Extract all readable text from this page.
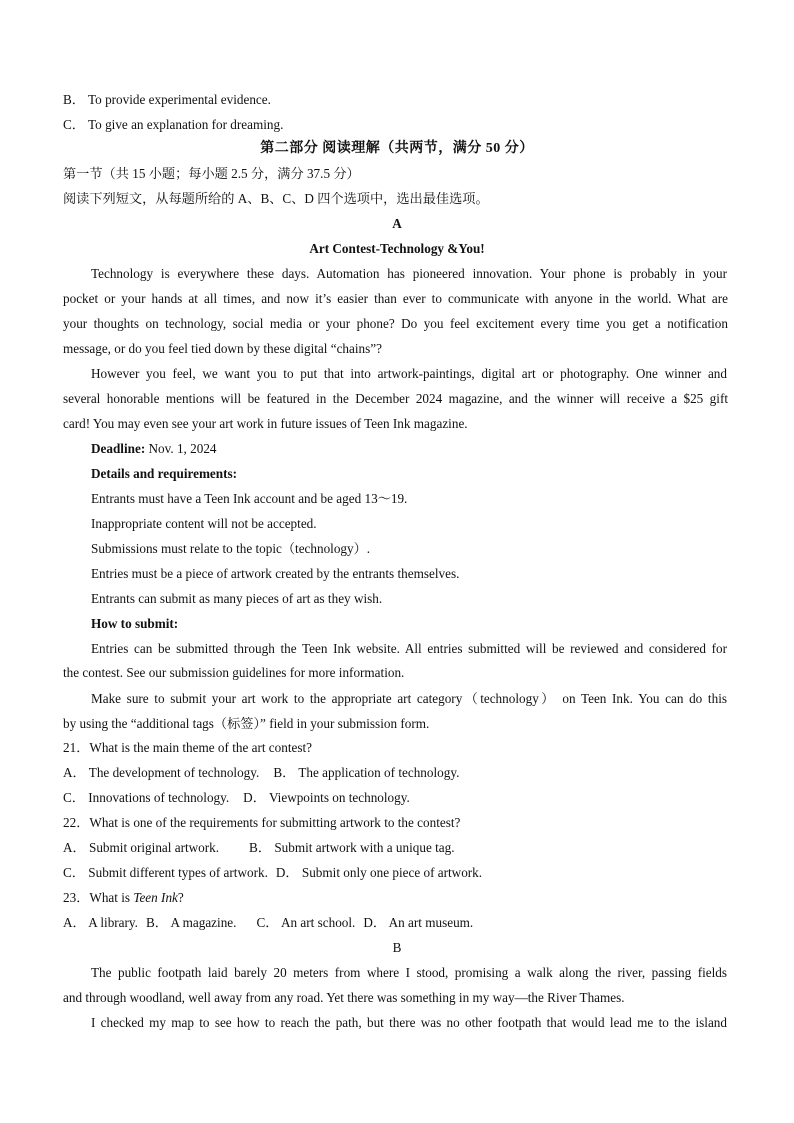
B． To provide experimental evidence.
C． To give an explanation for dreaming.
第二部分 阅读理解（共两节，满分 50 分）
第一节（共 15 小题；每小题 2.5 分，满分 37.5 分）
阅读下列短文，从每题所给的 A、B、C、D 四个选项中，选出最佳选项。
A
Art Contest-Technology &You!
Technology is everywhere these days. Automation has pioneered innovation. Your phone is probably in your
pocket or your hands at all times, and now it’s easier than ever to communicate with anyone in the world. What are
your thoughts on technology, social media or your phone? Do you feel excitement every time you get a notification
message, or do you feel tied down by these digital “chains”?
However you feel, we want you to put that into artwork-paintings, digital art or photography. One winner and
several honorable mentions will be featured in the December 2024 magazine, and the winner will receive a $25 gift
card! You may even see your art work in future issues of Teen Ink magazine.
Deadline: Nov. 1, 2024
Details and requirements:
Entrants must have a Teen Ink account and be aged 13～19.
Inappropriate content will not be accepted.
Submissions must relate to the topic（technology）.
Entries must be a piece of artwork created by the entrants themselves.
Entrants can submit as many pieces of art as they wish.
How to submit:
Entries can be submitted through the Teen Ink website. All entries submitted will be reviewed and considered for
the contest. See our submission guidelines for more information.
Make sure to submit your art work to the appropriate art category（technology） on Teen Ink. You can do this
by using the “additional tags（标签）” field in your submission form.
21．What is the main theme of the art contest?
A． The development of technology. B． The application of technology.
C． Innovations of technology. D． Viewpoints on technology.
22．What is one of the requirements for submitting artwork to the contest?
A． Submit original artwork. B． Submit artwork with a unique tag.
C． Submit different types of artwork. D． Submit only one piece of artwork.
23．What is Teen Ink?
A． A library. B． A magazine. C． An art school. D． An art museum.
B
The public footpath laid barely 20 meters from where I stood, promising a walk along the river, passing fields
and through woodland, well away from any road. Yet there was something in my way—the River Thames.
I checked my map to see how to reach the path, but there was no other footpath that would lead me to the island
